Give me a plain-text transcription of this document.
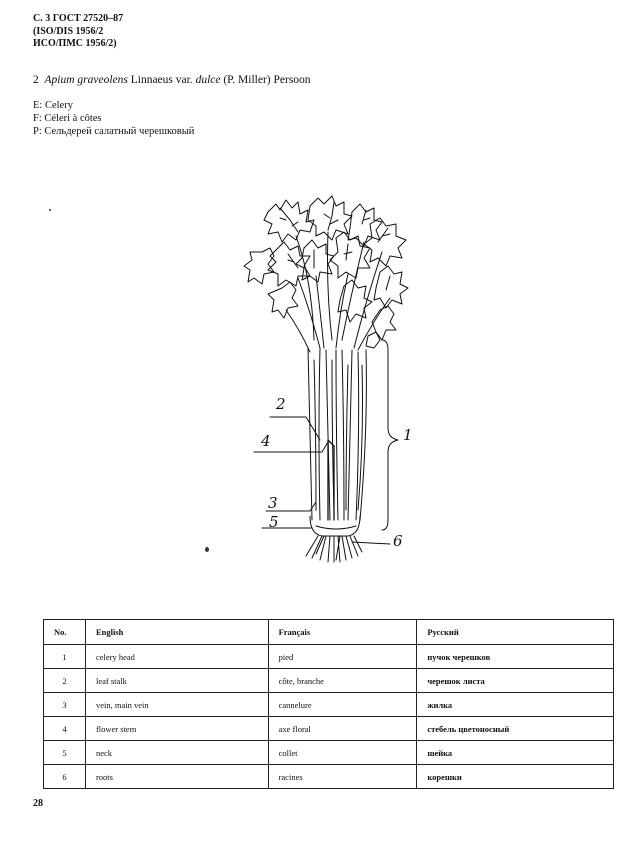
С. 3 ГОСТ 27520–87
(ISO/DIS 1956/2
ИСО/ПМС 1956/2)
2 Apium graveolens Linnaeus var. dulce (P. Miller) Persoon
E: Celery
F: Céleri à côtes
P: Сельдерей салатный черешковый
2
4	1
3
5
6
No.	English	Français	Русский
1	celery head	pied	пучок черешков
2	leaf stalk	côte, branche	черешок листа
3	vein, main vein	cannelure	жилка
4	flower stem	axe floral	стебель цветоносный
5	neck	collet	шейка
6	roots	racines	корешки
28
